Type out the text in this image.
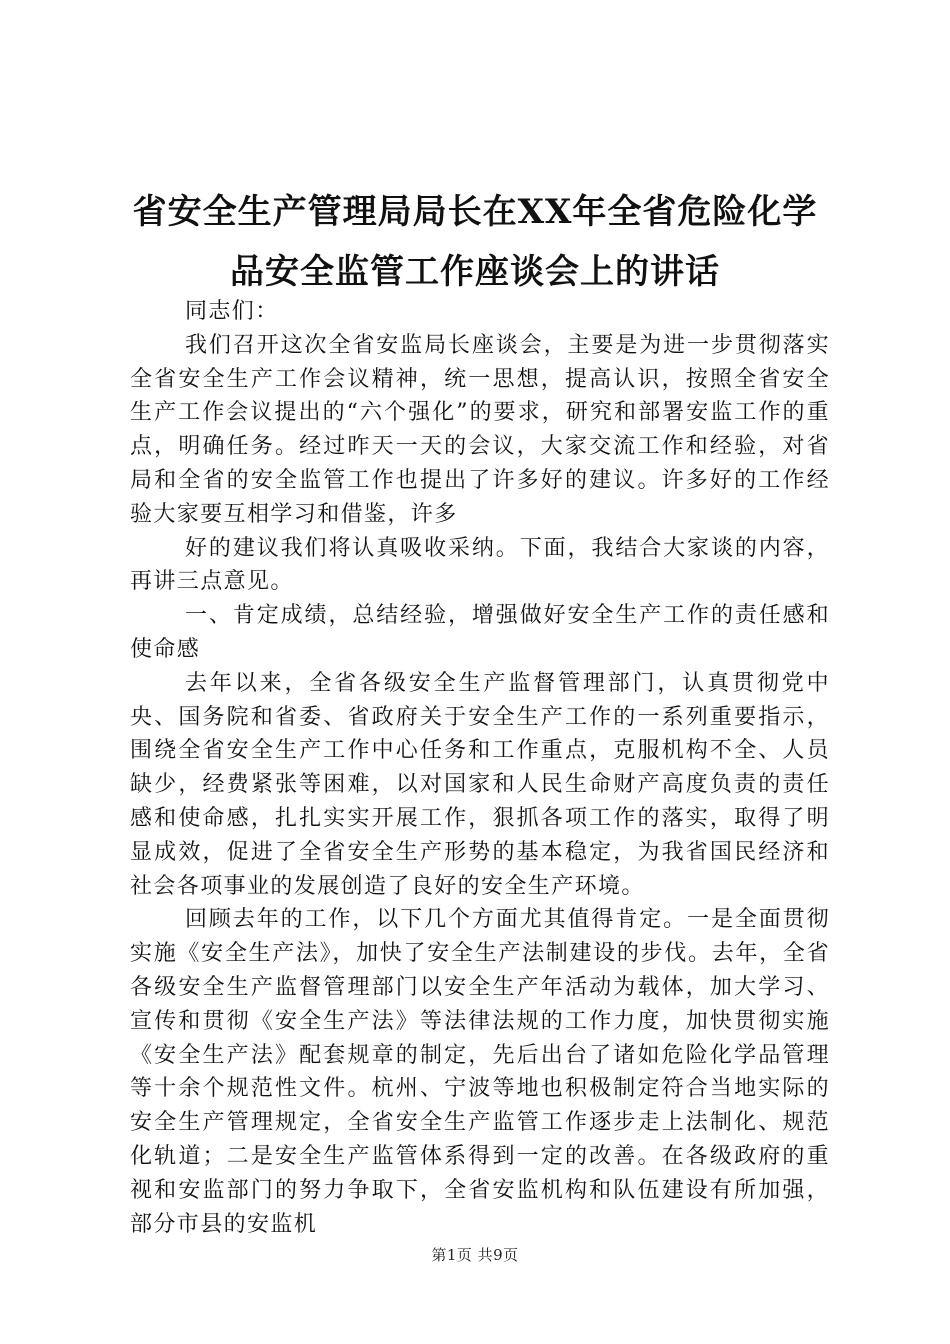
省安全生产管理局局长在XX年全省危险化学
品安全监管工作座谈会上的讲话

同志们：

我们召开这次全省安监局长座谈会，主要是为进一步贯彻落实全省安全生产工作会议精神，统一思想，提高认识，按照全省安全生产工作会议提出的“六个强化”的要求，研究和部署安监工作的重点，明确任务。经过昨天一天的会议，大家交流工作和经验，对省局和全省的安全监管工作也提出了许多好的建议。许多好的工作经验大家要互相学习和借鉴，许多

好的建议我们将认真吸收采纳。下面，我结合大家谈的内容，再讲三点意见。

一、肯定成绩，总结经验，增强做好安全生产工作的责任感和使命感

去年以来，全省各级安全生产监督管理部门，认真贯彻党中央、国务院和省委、省政府关于安全生产工作的一系列重要指示，围绕全省安全生产工作中心任务和工作重点，克服机构不全、人员缺少，经费紧张等困难，以对国家和人民生命财产高度负责的责任感和使命感，扎扎实实开展工作，狠抓各项工作的落实，取得了明显成效，促进了全省安全生产形势的基本稳定，为我省国民经济和社会各项事业的发展创造了良好的安全生产环境。

回顾去年的工作，以下几个方面尤其值得肯定。一是全面贯彻实施《安全生产法》，加快了安全生产法制建设的步伐。去年，全省各级安全生产监督管理部门以安全生产年活动为载体，加大学习、宣传和贯彻《安全生产法》等法律法规的工作力度，加快贯彻实施《安全生产法》配套规章的制定，先后出台了诸如危险化学品管理等十余个规范性文件。杭州、宁波等地也积极制定符合当地实际的安全生产管理规定，全省安全生产监管工作逐步走上法制化、规范化轨道；二是安全生产监管体系得到一定的改善。在各级政府的重视和安监部门的努力争取下，全省安监机构和队伍建设有所加强，部分市县的安监机

第1页 共9页
